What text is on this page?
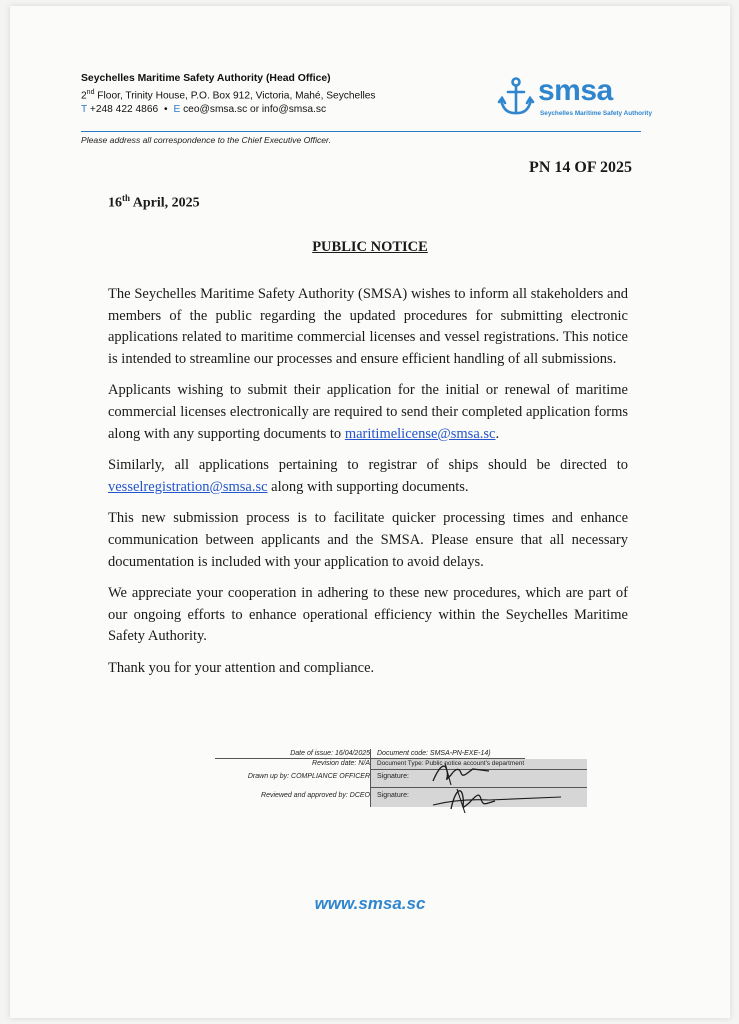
Seychelles Maritime Safety Authority (Head Office)
2nd Floor, Trinity House, P.O. Box 912, Victoria, Mahé, Seychelles
T +248 422 4866 • E ceo@smsa.sc or info@smsa.sc
smsa
Seychelles Maritime Safety Authority
Please address all correspondence to the Chief Executive Officer.
PN 14 OF 2025
16th April, 2025
PUBLIC NOTICE

The Seychelles Maritime Safety Authority (SMSA) wishes to inform all stakeholders and members of the public regarding the updated procedures for submitting electronic applications related to maritime commercial licenses and vessel registrations. This notice is intended to streamline our processes and ensure efficient handling of all submissions.

Applicants wishing to submit their application for the initial or renewal of maritime commercial licenses electronically are required to send their completed application forms along with any supporting documents to maritimelicense@smsa.sc.

Similarly, all applications pertaining to registrar of ships should be directed to vesselregistration@smsa.sc along with supporting documents.

This new submission process is to facilitate quicker processing times and enhance communication between applicants and the SMSA. Please ensure that all necessary documentation is included with your application to avoid delays.

We appreciate your cooperation in adhering to these new procedures, which are part of our ongoing efforts to enhance operational efficiency within the Seychelles Maritime Safety Authority.

Thank you for your attention and compliance.

Date of issue: 16/04/2025 Document code: SMSA-PN-EXE-14)
Revision date: N/A Document Type: Public notice account's department
Drawn up by: COMPLIANCE OFFICER Signature:
Reviewed and approved by: DCEO Signature:
www.smsa.sc
